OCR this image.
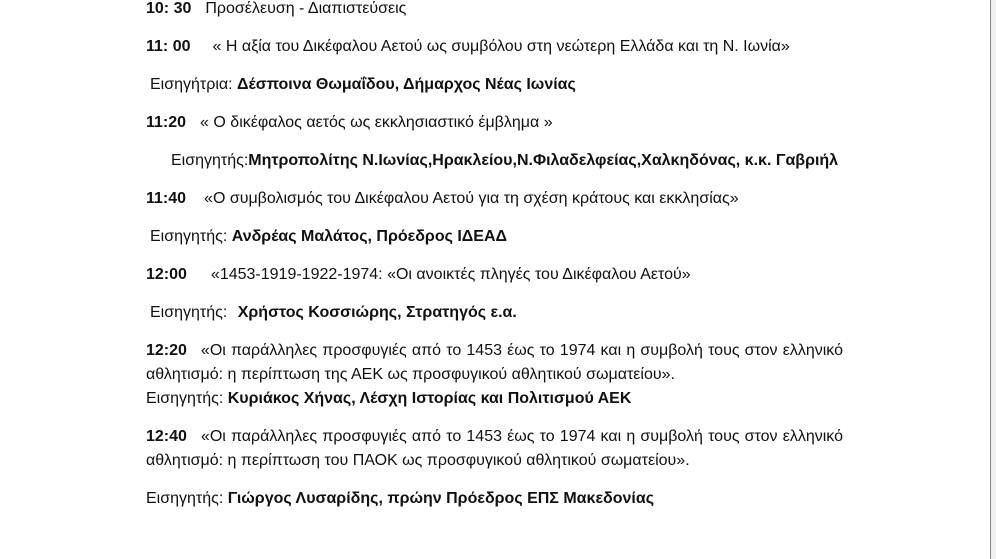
10: 30 Προσέλευση - Διαπιστεύσεις

11: 00 « Η αξία του Δικέφαλου Αετού ως συμβόλου στη νεώτερη Ελλάδα και τη Ν. Ιωνία»

Εισηγήτρια: Δέσποινα Θωμαΐδου, Δήμαρχος Νέας Ιωνίας

11:20 « Ο δικέφαλος αετός ως εκκλησιαστικό έμβλημα »

Εισηγητής:Μητροπολίτης Ν.Ιωνίας,Ηρακλείου,Ν.Φιλαδελφείας,Χαλκηδόνας, κ.κ. Γαβριήλ

11:40 «Ο συμβολισμός του Δικέφαλου Αετού για τη σχέση κράτους και εκκλησίας»

Εισηγητής: Ανδρέας Μαλάτος, Πρόεδρος ΙΔΕΑΔ

12:00 «1453-1919-1922-1974: «Οι ανοικτές πληγές του Δικέφαλου Αετού»

Εισηγητής: Χρήστος Κοσσιώρης, Στρατηγός ε.α.

12:20 «Οι παράλληλες προσφυγιές από το 1453 έως το 1974 και η συμβολή τους στον ελληνικό αθλητισμό: η περίπτωση της ΑΕΚ ως προσφυγικού αθλητικού σωματείου».
Εισηγητής: Κυριάκος Χήνας, Λέσχη Ιστορίας και Πολιτισμού ΑΕΚ

12:40 «Οι παράλληλες προσφυγιές από το 1453 έως το 1974 και η συμβολή τους στον ελληνικό αθλητισμό: η περίπτωση του ΠΑΟΚ ως προσφυγικού αθλητικού σωματείου».

Εισηγητής: Γιώργος Λυσαρίδης, πρώην Πρόεδρος ΕΠΣ Μακεδονίας
